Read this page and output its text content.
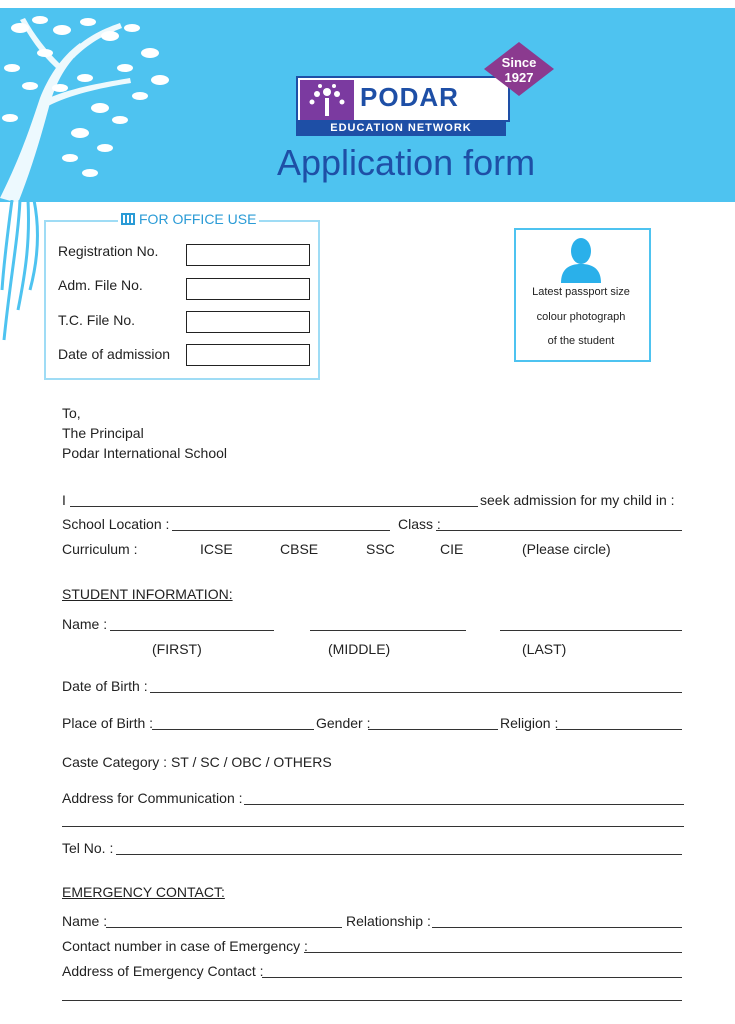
PODAR
EDUCATION NETWORK
Since
1927
Application form
FOR OFFICE USE
Registration No.
Adm. File No.
T.C. File No.
Date of admission
Latest passport size
colour photograph
of the student
To,
The Principal
Podar International School
I	seek admission for my child in :
School Location :	Class :
Curriculum :	ICSE	CBSE	SSC	CIE	(Please circle)
STUDENT INFORMATION:
Name :
(FIRST)	(MIDDLE)	(LAST)
Date of Birth :
Place of Birth :	Gender :	Religion :
Caste Category : ST / SC / OBC / OTHERS
Address for Communication :
Tel No. :
EMERGENCY CONTACT:
Name :	Relationship :
Contact number in case of Emergency :
Address of Emergency Contact :
